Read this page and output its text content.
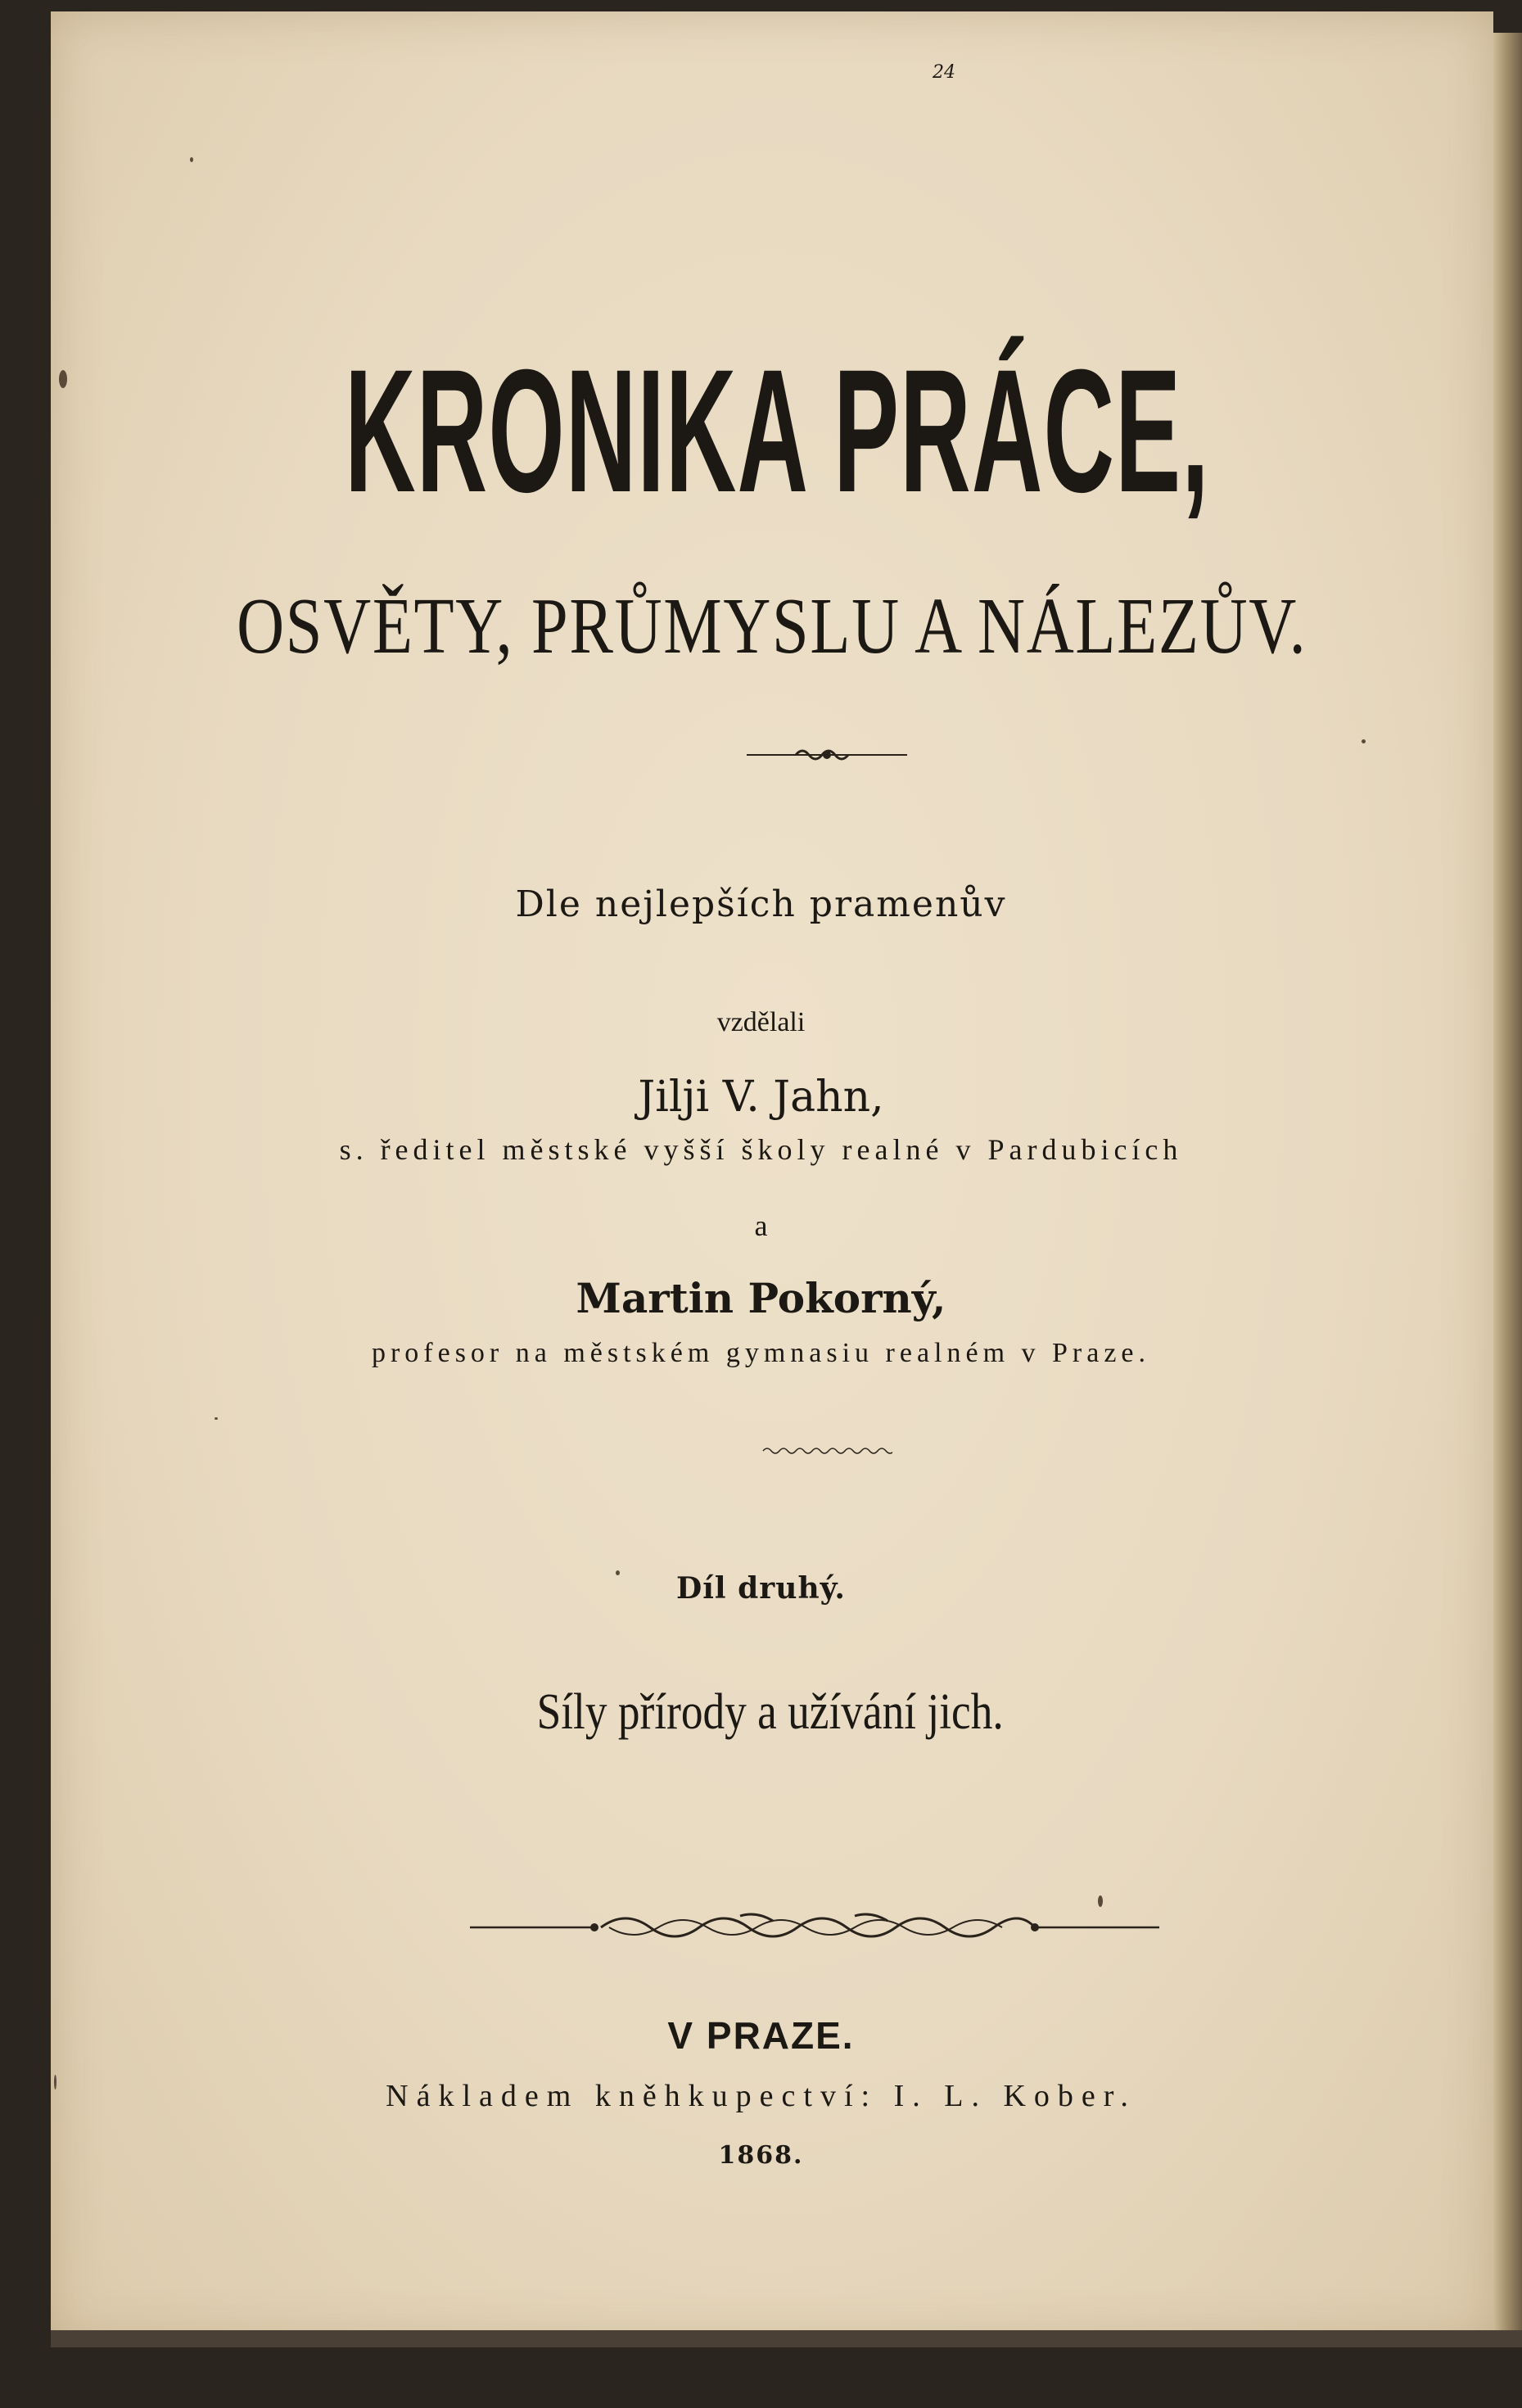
24
KRONIKA PRÁCE,
OSVĚTY, PRŮMYSLU A NÁLEZŮV.
Dle nejlepších pramenův
vzdělali
Jilji V. Jahn,
s. ředitel městské vyšší školy realné v Pardubicích
a
Martin Pokorný,
profesor na městském gymnasiu realném v Praze.
Díl druhý.
Síly přírody a užívání jich.
V PRAZE.
Nákladem kněhkupectví: I. L. Kober.
1868.
